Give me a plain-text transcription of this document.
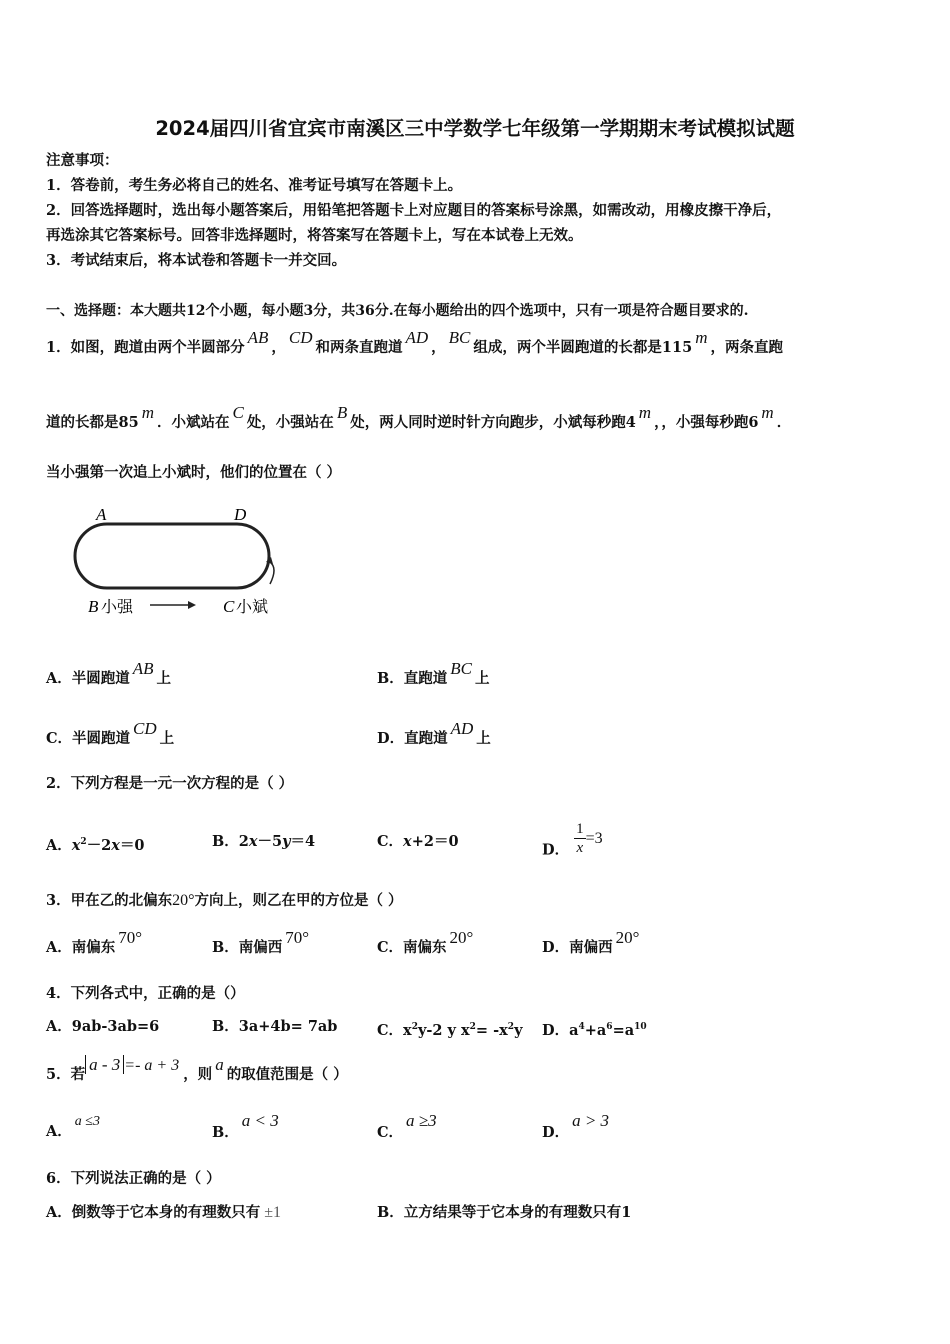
2024届四川省宜宾市南溪区三中学数学七年级第一学期期末考试模拟试题
注意事项：
1．答卷前，考生务必将自己的姓名、准考证号填写在答题卡上。
2．回答选择题时，选出每小题答案后，用铅笔把答题卡上对应题目的答案标号涂黑，如需改动，用橡皮擦干净后，
再选涂其它答案标号。回答非选择题时，将答案写在答题卡上，写在本试卷上无效。
3．考试结束后，将本试卷和答题卡一并交回。
一、选择题：本大题共12个小题，每小题3分，共36分.在每小题给出的四个选项中，只有一项是符合题目要求的.
1．如图，跑道由两个半圆部分AB，CD和两条直跑道AD，BC组成，两个半圆跑道的长都是115m，两条直跑
道的长都是85m．小斌站在C处，小强站在B处，两人同时逆时针方向跑步，小斌每秒跑4m，，小强每秒跑6m．
当小强第一次追上小斌时，他们的位置在（ ）
A	D
B 小强	C 小斌
A．半圆跑道AB上	B．直跑道BC上
C．半圆跑道CD上	D．直跑道AD上
2．下列方程是一元一次方程的是（ ）
A．$x^2-2x=0$	B．2x－5y＝4	C．x+2＝0	D． $\frac{1}{x} =3$
3．甲在乙的北偏东20°方向上，则乙在甲的方位是（ ）
A．南偏东70°
B．南偏西70°
C．南偏东20°
D．南偏西20°
4．下列各式中，正确的是（）
A．9ab-3ab=6	B．3a+4b= 7ab	C．$x^2y-2$ y $x^2= -x^2y$ D．$a^4+a^6=a^{10}$
5．若a - 3 =- a + 3，则a的取值范围是（ ）
A．a ≤3
B．a < 3
C．a ≥3
D．a > 3
6．下列说法正确的是（ ）
A．倒数等于它本身的有理数只有 ±1	B．立方结果等于它本身的有理数只有1
